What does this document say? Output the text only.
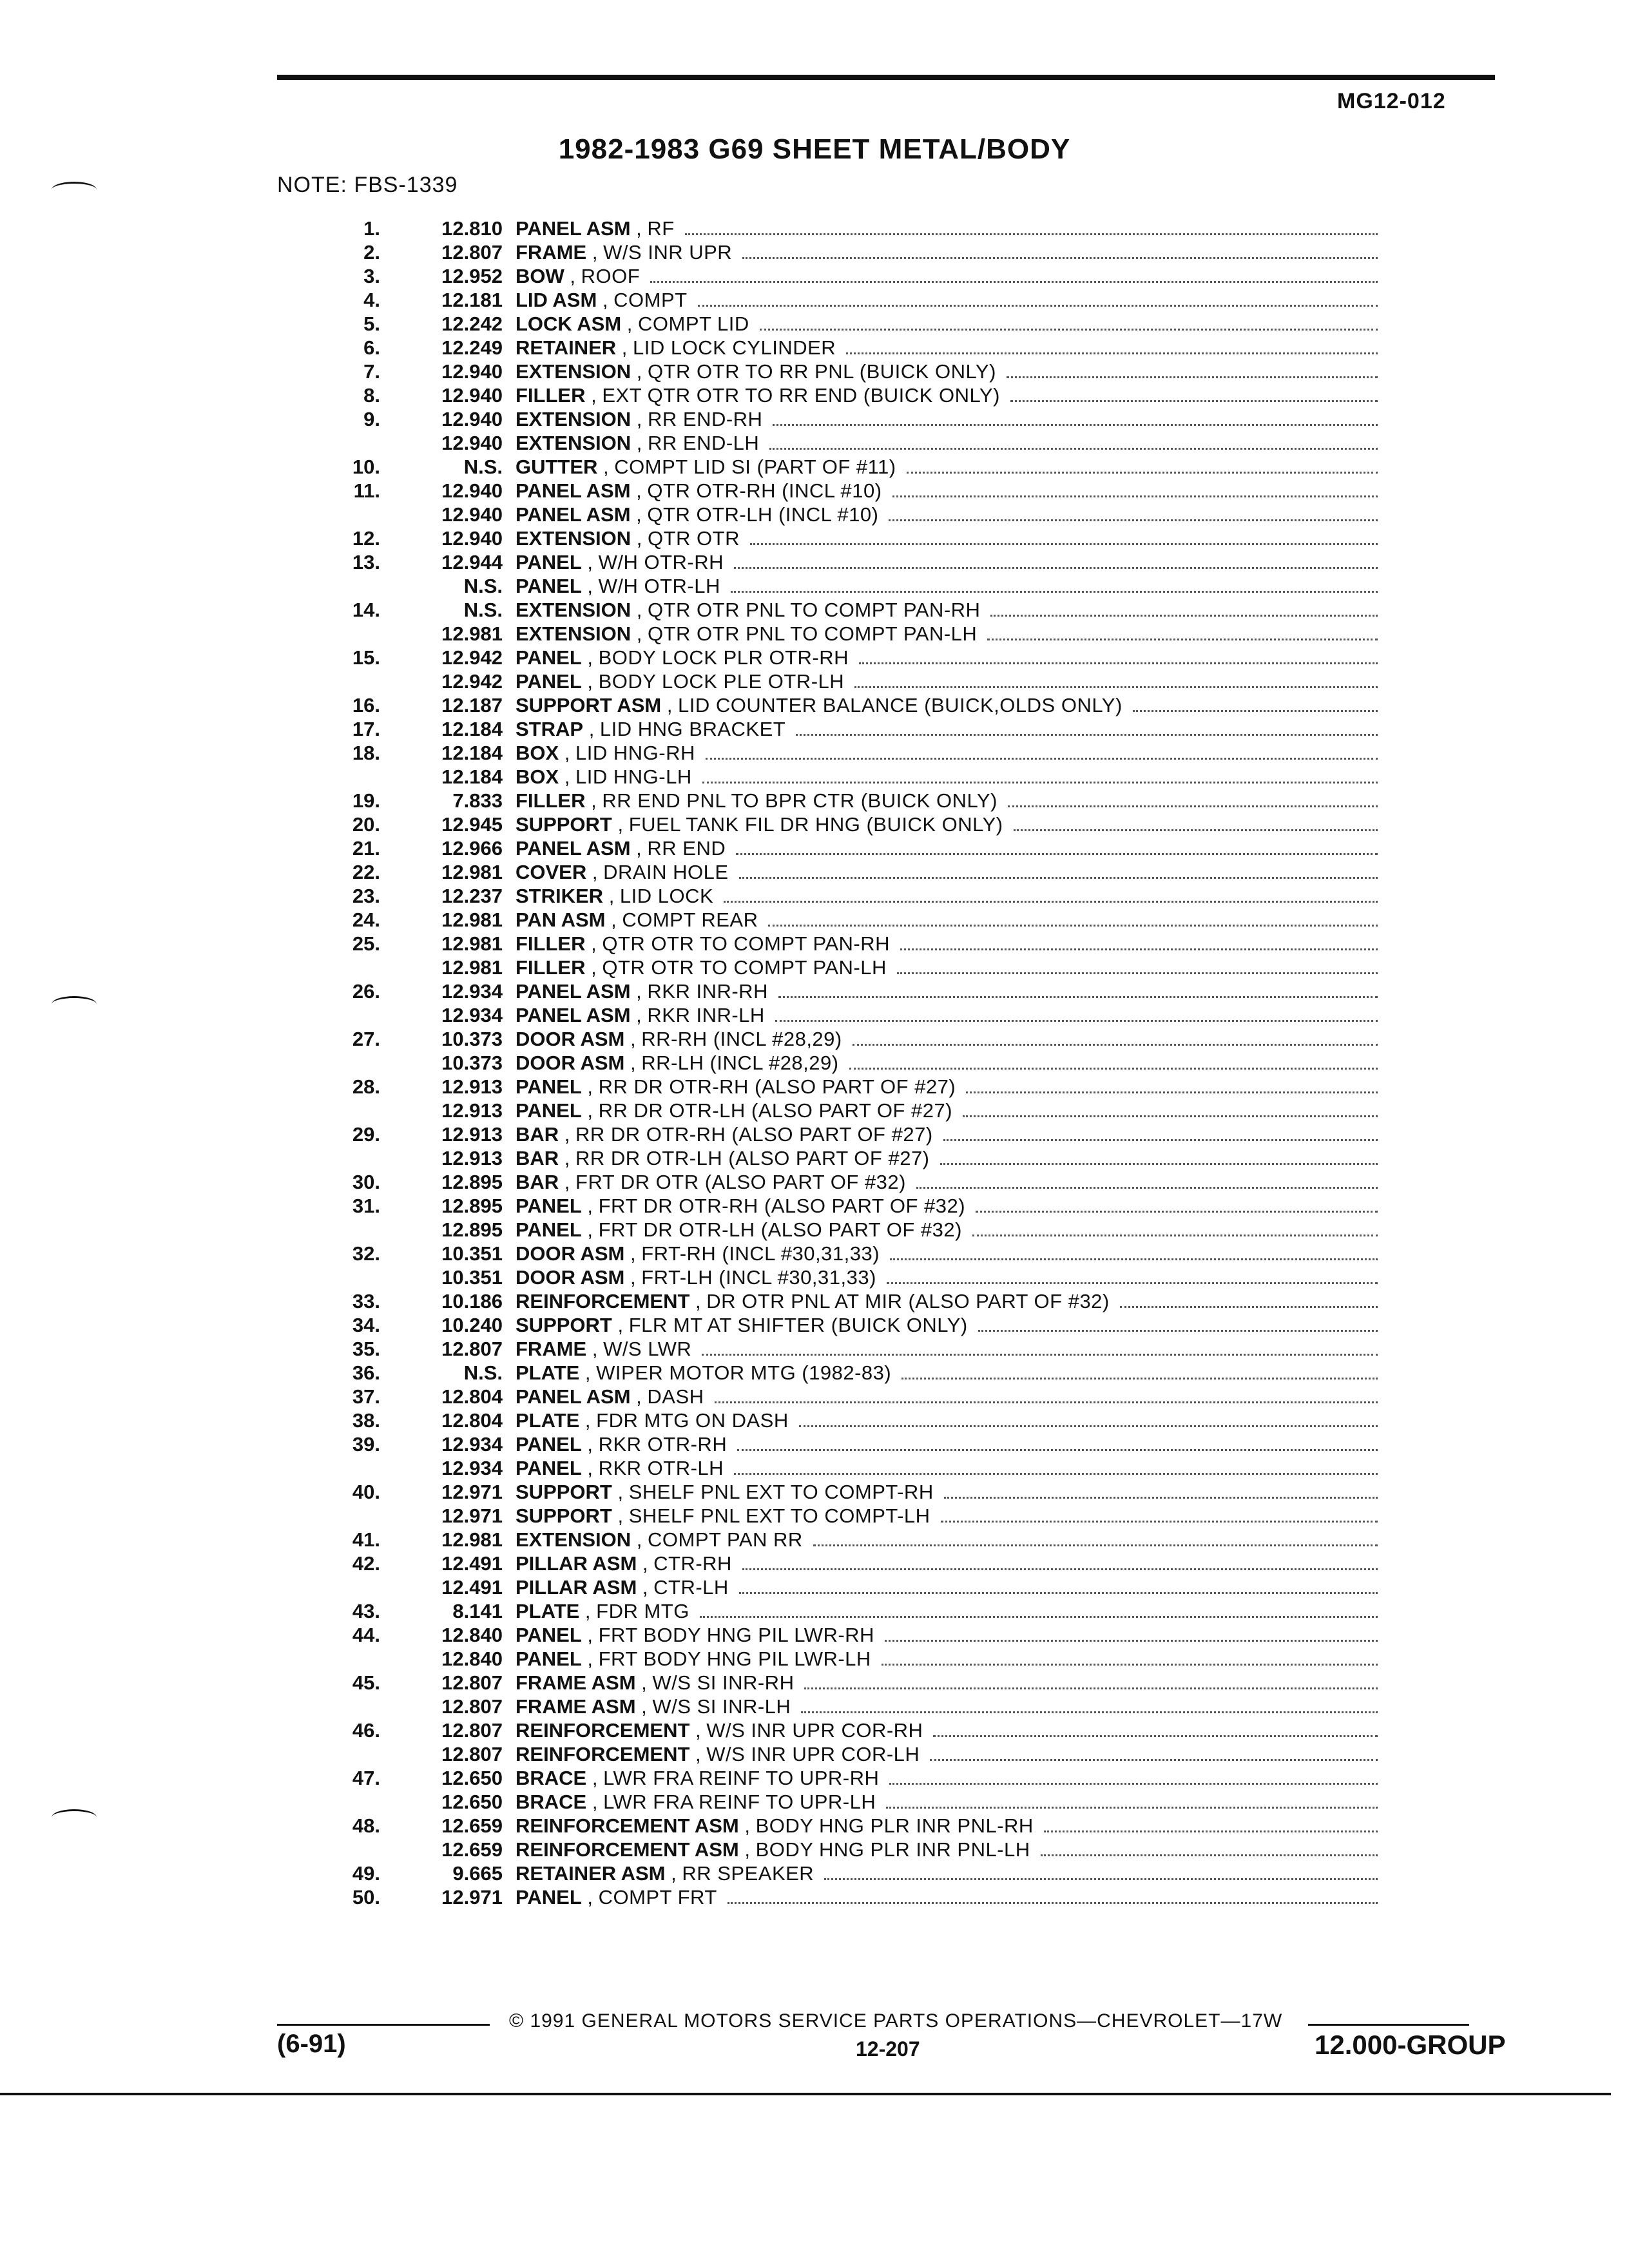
MG12-012
1982-1983 G69 SHEET METAL/BODY
NOTE: FBS-1339
1.	12.810 PANEL ASM , RF
2.	12.807 FRAME , W/S INR UPR
3.	12.952 BOW , ROOF
4.	12.181 LID ASM , COMPT
5.	12.242 LOCK ASM , COMPT LID
6.	12.249 RETAINER , LID LOCK CYLINDER
7.	12.940 EXTENSION , QTR OTR TO RR PNL (BUICK ONLY)
8.	12.940 FILLER , EXT QTR OTR TO RR END (BUICK ONLY)
9.	12.940 EXTENSION , RR END-RH
12.940 EXTENSION , RR END-LH
10.	N.S. GUTTER , COMPT LID SI (PART OF #11)
11.	12.940 PANEL ASM , QTR OTR-RH (INCL #10)
12.940 PANEL ASM , QTR OTR-LH (INCL #10)
12.	12.940 EXTENSION , QTR OTR
13.	12.944 PANEL , W/H OTR-RH
N.S. PANEL , W/H OTR-LH
14.	N.S. EXTENSION , QTR OTR PNL TO COMPT PAN-RH
12.981 EXTENSION , QTR OTR PNL TO COMPT PAN-LH
15.	12.942 PANEL , BODY LOCK PLR OTR-RH
12.942 PANEL , BODY LOCK PLE OTR-LH
16.	12.187 SUPPORT ASM , LID COUNTER BALANCE (BUICK,OLDS ONLY)
17.	12.184 STRAP , LID HNG BRACKET
18.	12.184 BOX , LID HNG-RH
12.184 BOX , LID HNG-LH
19.	7.833 FILLER , RR END PNL TO BPR CTR (BUICK ONLY)
20.	12.945 SUPPORT , FUEL TANK FIL DR HNG (BUICK ONLY)
21.	12.966 PANEL ASM , RR END
22.	12.981 COVER , DRAIN HOLE
23.	12.237 STRIKER , LID LOCK
24.	12.981 PAN ASM , COMPT REAR
25.	12.981 FILLER , QTR OTR TO COMPT PAN-RH
12.981 FILLER , QTR OTR TO COMPT PAN-LH
26.	12.934 PANEL ASM , RKR INR-RH
12.934 PANEL ASM , RKR INR-LH
27.	10.373 DOOR ASM , RR-RH (INCL #28,29)
10.373 DOOR ASM , RR-LH (INCL #28,29)
28.	12.913 PANEL , RR DR OTR-RH (ALSO PART OF #27)
12.913 PANEL , RR DR OTR-LH (ALSO PART OF #27)
29.	12.913 BAR , RR DR OTR-RH (ALSO PART OF #27)
12.913 BAR , RR DR OTR-LH (ALSO PART OF #27)
30.	12.895 BAR , FRT DR OTR (ALSO PART OF #32)
31.	12.895 PANEL , FRT DR OTR-RH (ALSO PART OF #32)
12.895 PANEL , FRT DR OTR-LH (ALSO PART OF #32)
32.	10.351 DOOR ASM , FRT-RH (INCL #30,31,33)
10.351 DOOR ASM , FRT-LH (INCL #30,31,33)
33.	10.186 REINFORCEMENT , DR OTR PNL AT MIR (ALSO PART OF #32)
34.	10.240 SUPPORT , FLR MT AT SHIFTER (BUICK ONLY)
35.	12.807 FRAME , W/S LWR
36.	N.S. PLATE , WIPER MOTOR MTG (1982-83)
37.	12.804 PANEL ASM , DASH
38.	12.804 PLATE , FDR MTG ON DASH
39.	12.934 PANEL , RKR OTR-RH
12.934 PANEL , RKR OTR-LH
40.	12.971 SUPPORT , SHELF PNL EXT TO COMPT-RH
12.971 SUPPORT , SHELF PNL EXT TO COMPT-LH
41.	12.981 EXTENSION , COMPT PAN RR
42.	12.491 PILLAR ASM , CTR-RH
12.491 PILLAR ASM , CTR-LH
43.	8.141 PLATE , FDR MTG
44.	12.840 PANEL , FRT BODY HNG PIL LWR-RH
12.840 PANEL , FRT BODY HNG PIL LWR-LH
45.	12.807 FRAME ASM , W/S SI INR-RH
12.807 FRAME ASM , W/S SI INR-LH
46.	12.807 REINFORCEMENT , W/S INR UPR COR-RH
12.807 REINFORCEMENT , W/S INR UPR COR-LH
47.	12.650 BRACE , LWR FRA REINF TO UPR-RH
12.650 BRACE , LWR FRA REINF TO UPR-LH
48.	12.659 REINFORCEMENT ASM , BODY HNG PLR INR PNL-RH
12.659 REINFORCEMENT ASM , BODY HNG PLR INR PNL-LH
49.	9.665 RETAINER ASM , RR SPEAKER
50.	12.971 PANEL , COMPT FRT
© 1991 GENERAL MOTORS SERVICE PARTS OPERATIONS—CHEVROLET—17W
(6-91)	12-207	12.000-GROUP
